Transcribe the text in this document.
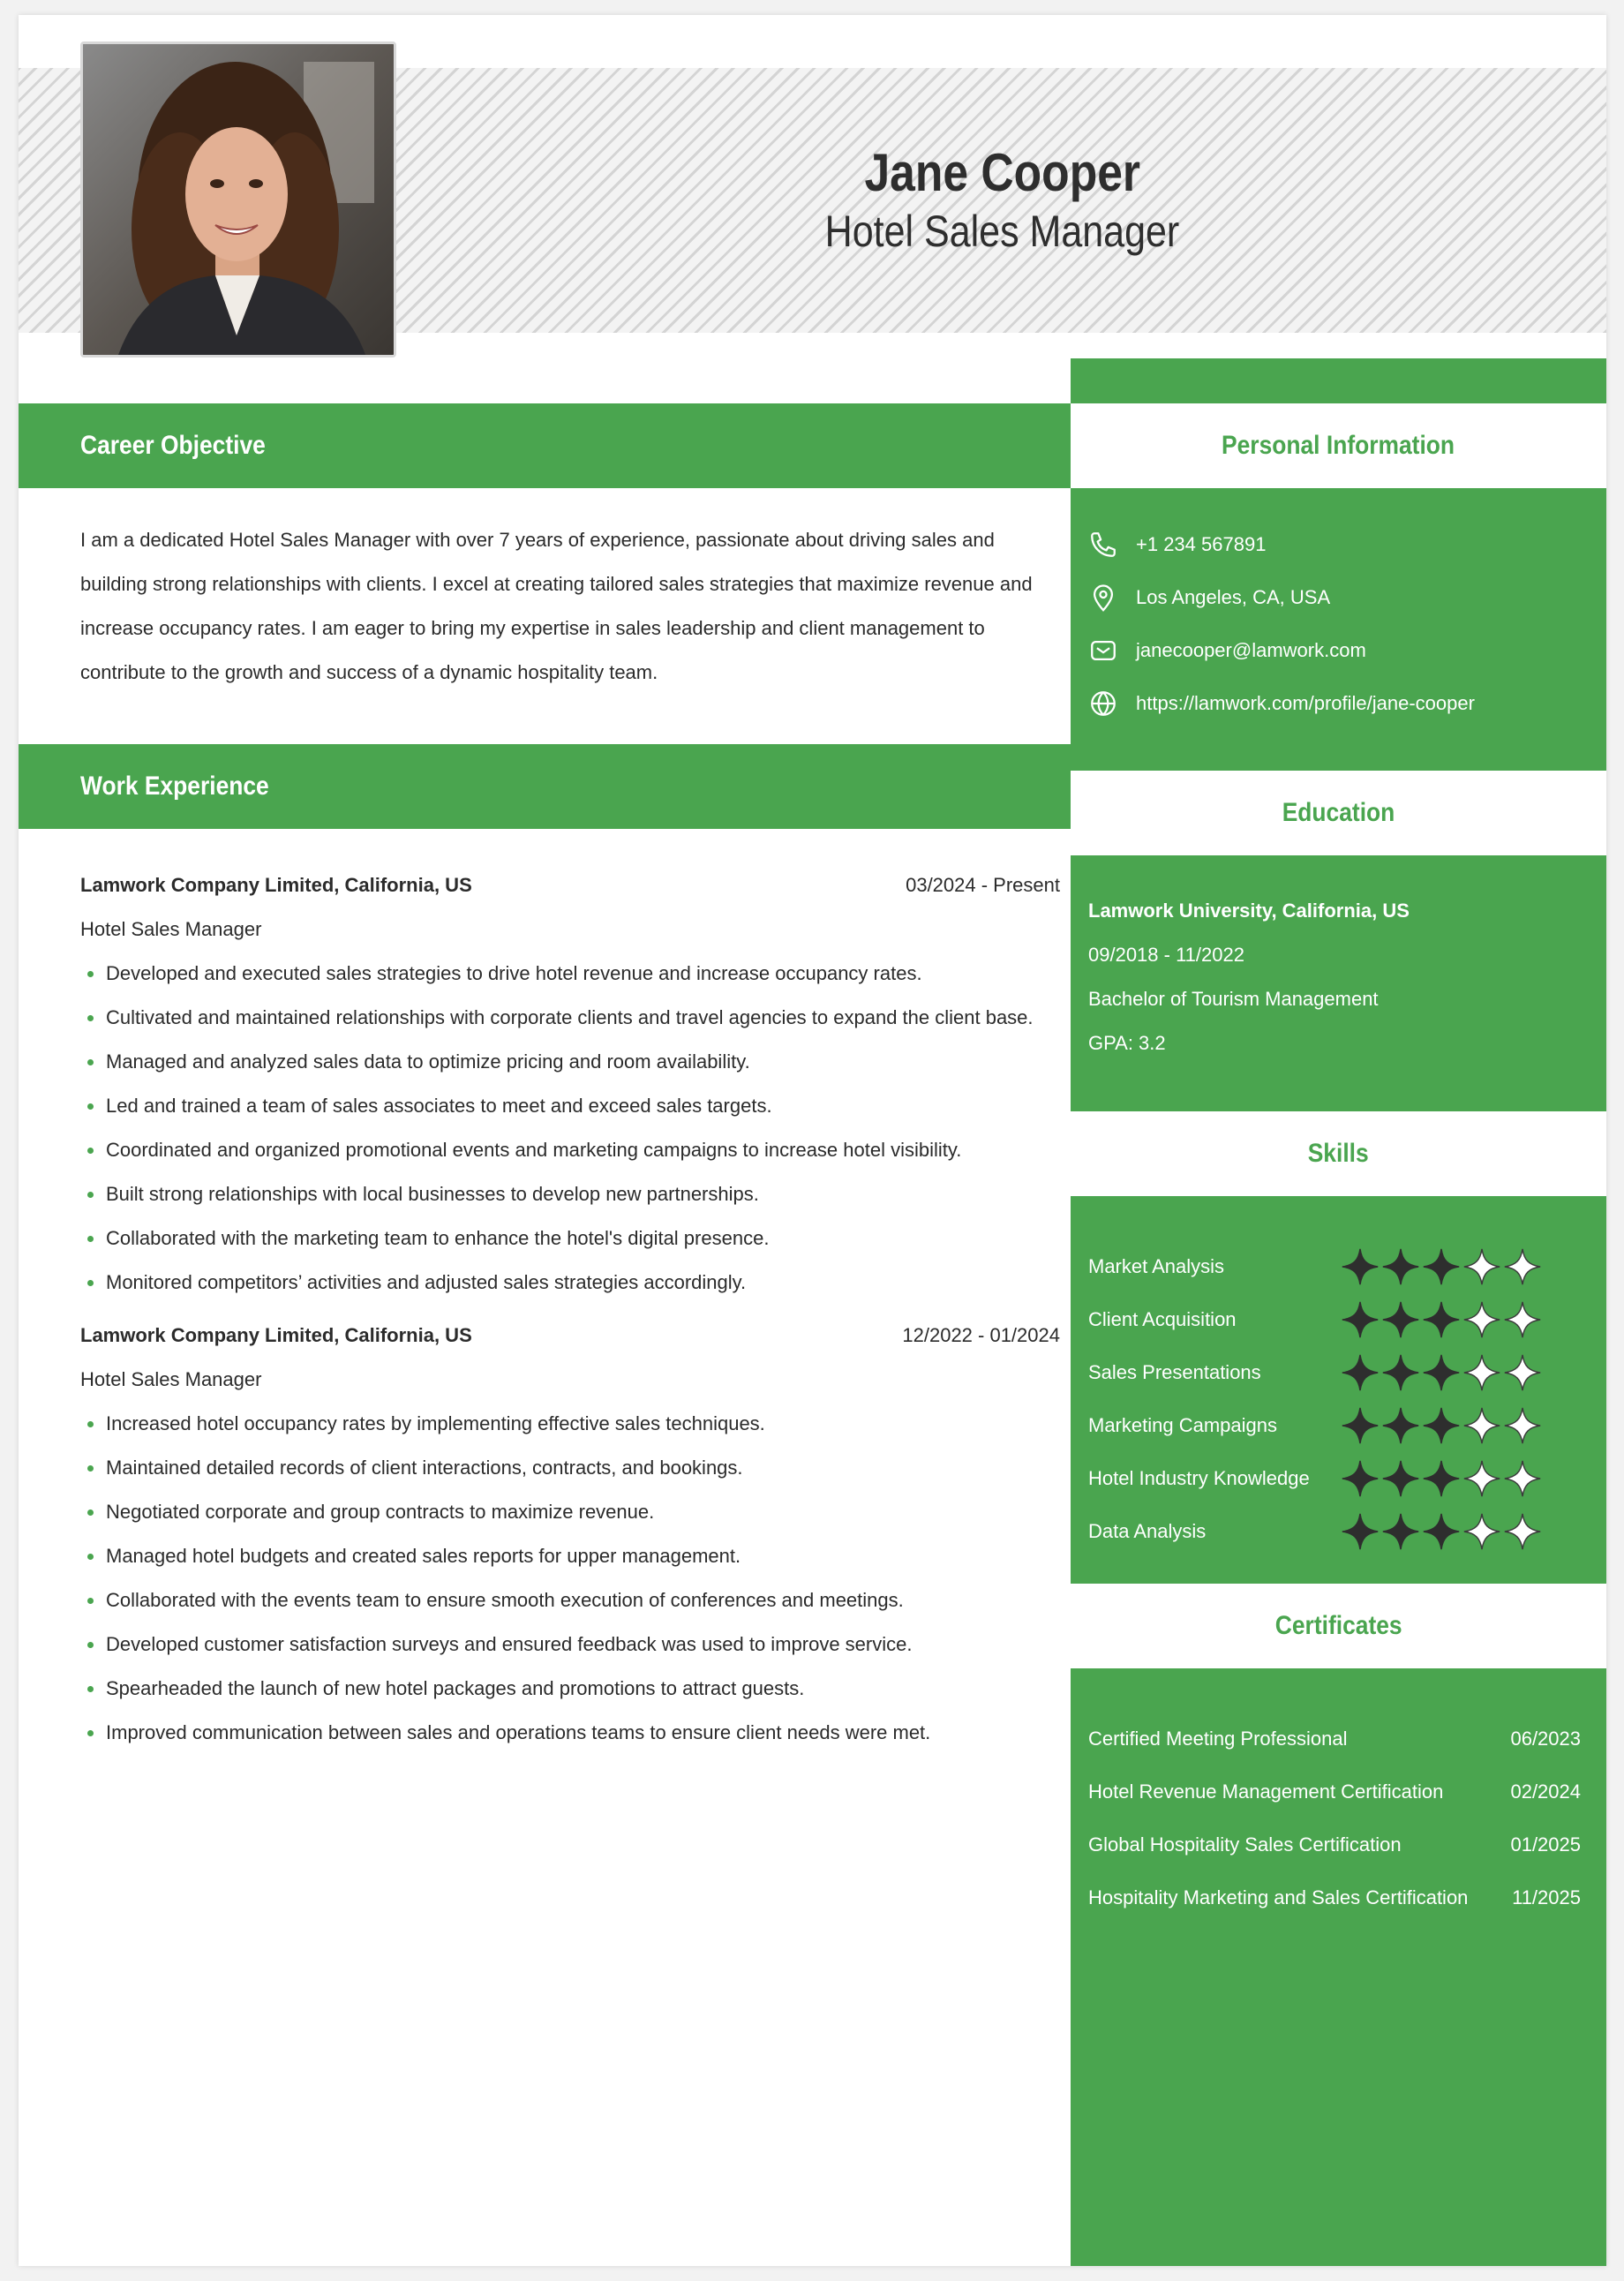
Jane Cooper
Hotel Sales Manager
Career Objective
I am a dedicated Hotel Sales Manager with over 7 years of experience, passionate about driving sales and building strong relationships with clients. I excel at creating tailored sales strategies that maximize revenue and increase occupancy rates. I am eager to bring my expertise in sales leadership and client management to contribute to the growth and success of a dynamic hospitality team.
Work Experience
Lamwork Company Limited, California, US	03/2024 - Present
Hotel Sales Manager
Developed and executed sales strategies to drive hotel revenue and increase occupancy rates.
Cultivated and maintained relationships with corporate clients and travel agencies to expand the client base.
Managed and analyzed sales data to optimize pricing and room availability.
Led and trained a team of sales associates to meet and exceed sales targets.
Coordinated and organized promotional events and marketing campaigns to increase hotel visibility.
Built strong relationships with local businesses to develop new partnerships.
Collaborated with the marketing team to enhance the hotel's digital presence.
Monitored competitors’ activities and adjusted sales strategies accordingly.
Lamwork Company Limited, California, US	12/2022 - 01/2024
Hotel Sales Manager
Increased hotel occupancy rates by implementing effective sales techniques.
Maintained detailed records of client interactions, contracts, and bookings.
Negotiated corporate and group contracts to maximize revenue.
Managed hotel budgets and created sales reports for upper management.
Collaborated with the events team to ensure smooth execution of conferences and meetings.
Developed customer satisfaction surveys and ensured feedback was used to improve service.
Spearheaded the launch of new hotel packages and promotions to attract guests.
Improved communication between sales and operations teams to ensure client needs were met.
Personal Information
+1 234 567891
Los Angeles, CA, USA
janecooper@lamwork.com
https://lamwork.com/profile/jane-cooper
Education
Lamwork University, California, US
09/2018 - 11/2022
Bachelor of Tourism Management
GPA: 3.2
Skills
Market Analysis
Client Acquisition
Sales Presentations
Marketing Campaigns
Hotel Industry Knowledge
Data Analysis
Certificates
Certified Meeting Professional	06/2023
Hotel Revenue Management Certification	02/2024
Global Hospitality Sales Certification	01/2025
Hospitality Marketing and Sales Certification 11/2025
